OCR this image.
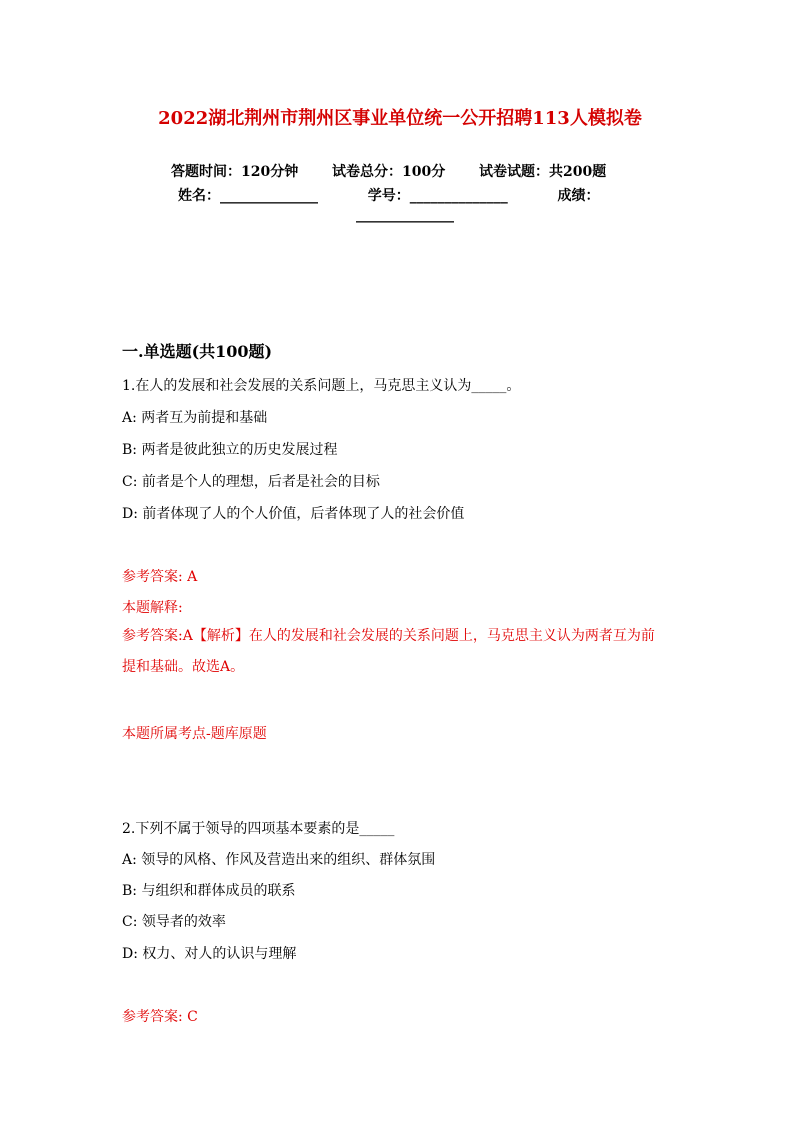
2022湖北荆州市荆州区事业单位统一公开招聘113人模拟卷
答题时间：120分钟 试卷总分：100分 试卷试题：共200题
姓名：______________	学号：______________	成绩：
______________
一.单选题(共100题)
1.在人的发展和社会发展的关系问题上，马克思主义认为_____。
A: 两者互为前提和基础
B: 两者是彼此独立的历史发展过程
C: 前者是个人的理想，后者是社会的目标
D: 前者体现了人的个人价值，后者体现了人的社会价值
参考答案: A
本题解释:
参考答案:A【解析】在人的发展和社会发展的关系问题上，马克思主义认为两者互为前提和基础。故选A。
本题所属考点-题库原题
2.下列不属于领导的四项基本要素的是_____
A: 领导的风格、作风及营造出来的组织、群体氛围
B: 与组织和群体成员的联系
C: 领导者的效率
D: 权力、对人的认识与理解
参考答案: C
